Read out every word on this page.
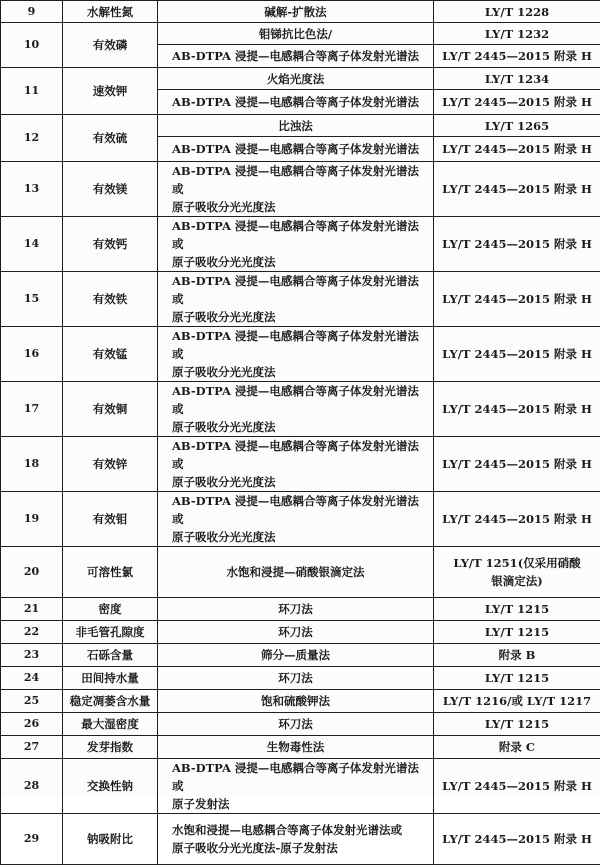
9	水解性氮	碱解-扩散法	LY/T 1228
10	有效磷	钼锑抗比色法/	LY/T 1232
		AB-DTPA 浸提—电感耦合等离子体发射光谱法	LY/T 2445—2015 附录 H
11	速效钾	火焰光度法	LY/T 1234
		AB-DTPA 浸提—电感耦合等离子体发射光谱法	LY/T 2445—2015 附录 H
12	有效硫	比浊法	LY/T 1265
		AB-DTPA 浸提—电感耦合等离子体发射光谱法	LY/T 2445—2015 附录 H
13	有效镁	AB-DTPA 浸提—电感耦合等离子体发射光谱法或
原子吸收分光光度法	LY/T 2445—2015 附录 H
14	有效钙	AB-DTPA 浸提—电感耦合等离子体发射光谱法或
原子吸收分光光度法	LY/T 2445—2015 附录 H
15	有效铁	AB-DTPA 浸提—电感耦合等离子体发射光谱法或
原子吸收分光光度法	LY/T 2445—2015 附录 H
16	有效锰	AB-DTPA 浸提—电感耦合等离子体发射光谱法或
原子吸收分光光度法	LY/T 2445—2015 附录 H
17	有效铜	AB-DTPA 浸提—电感耦合等离子体发射光谱法或
原子吸收分光光度法	LY/T 2445—2015 附录 H
18	有效锌	AB-DTPA 浸提—电感耦合等离子体发射光谱法或
原子吸收分光光度法	LY/T 2445—2015 附录 H
19	有效钼	AB-DTPA 浸提—电感耦合等离子体发射光谱法或
原子吸收分光光度法	LY/T 2445—2015 附录 H
20	可溶性氯	水饱和浸提—硝酸银滴定法	LY/T 1251(仅采用硝酸
银滴定法)
21	密度	环刀法	LY/T 1215
22	非毛管孔隙度	环刀法	LY/T 1215
23	石砾含量	筛分—质量法	附录 B
24	田间持水量	环刀法	LY/T 1215
25	稳定凋萎含水量	饱和硫酸钾法	LY/T 1216/或 LY/T 1217
26	最大湿密度	环刀法	LY/T 1215
27	发芽指数	生物毒性法	附录 C
28	交换性钠	AB-DTPA 浸提—电感耦合等离子体发射光谱法或
原子发射法	LY/T 2445—2015 附录 H
29	钠吸附比	水饱和浸提—电感耦合等离子体发射光谱法或
原子吸收分光光度法-原子发射法	LY/T 2445—2015 附录 H
